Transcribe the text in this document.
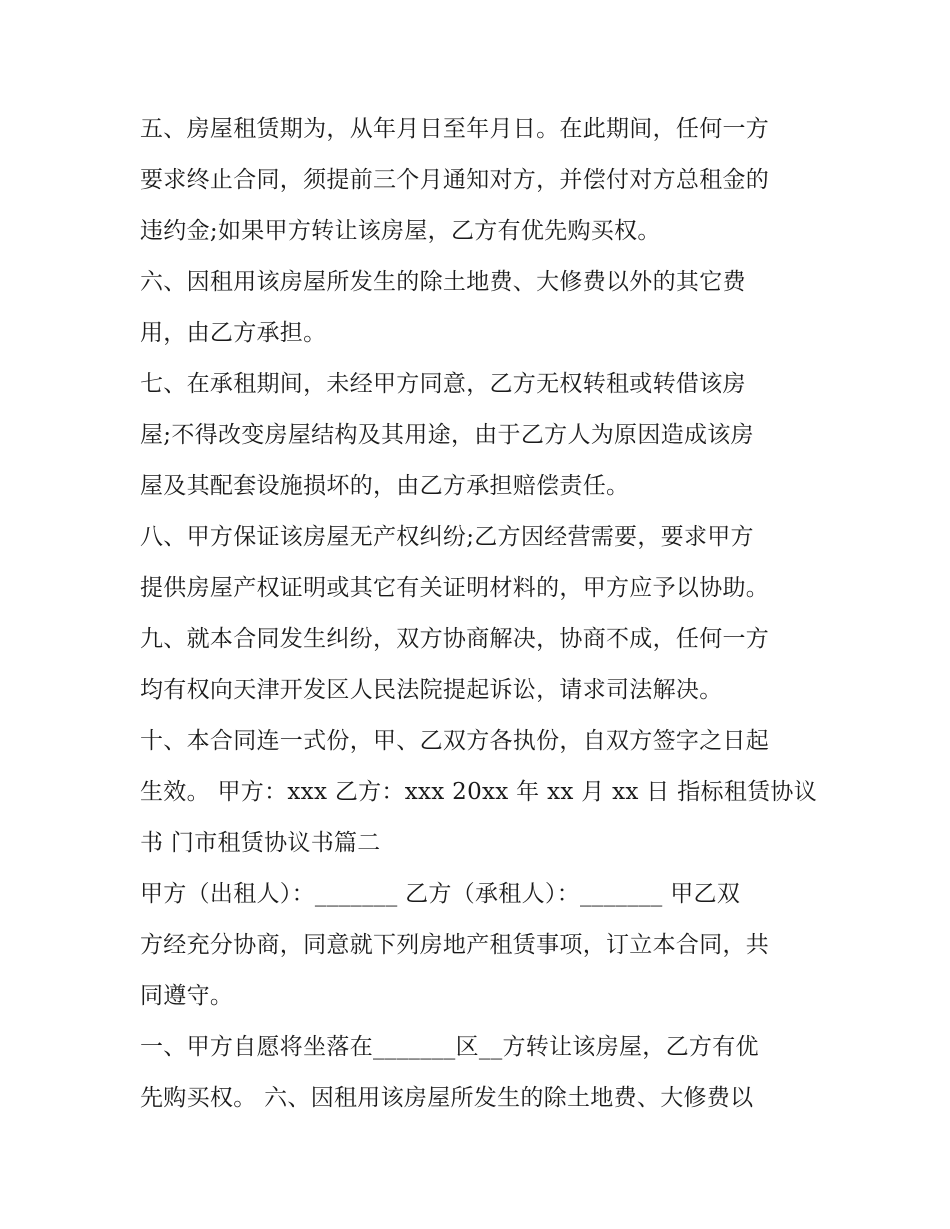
五、房屋租赁期为，从年月日至年月日。在此期间，任何一方
要求终止合同，须提前三个月通知对方，并偿付对方总租金的
违约金;如果甲方转让该房屋，乙方有优先购买权。
六、因租用该房屋所发生的除土地费、大修费以外的其它费
用，由乙方承担。
七、在承租期间，未经甲方同意，乙方无权转租或转借该房
屋;不得改变房屋结构及其用途，由于乙方人为原因造成该房
屋及其配套设施损坏的，由乙方承担赔偿责任。
八、甲方保证该房屋无产权纠纷;乙方因经营需要，要求甲方
提供房屋产权证明或其它有关证明材料的，甲方应予以协助。
九、就本合同发生纠纷，双方协商解决，协商不成，任何一方
均有权向天津开发区人民法院提起诉讼，请求司法解决。
十、本合同连一式份，甲、乙双方各执份，自双方签字之日起
生效。 甲方：xxx 乙方：xxx 20xx 年 xx 月 xx 日 指标租赁协议
书 门市租赁协议书篇二
甲方（出租人）：_______ 乙方（承租人）：_______ 甲乙双
方经充分协商，同意就下列房地产租赁事项，订立本合同，共
同遵守。
一、甲方自愿将坐落在_______区__方转让该房屋，乙方有优
先购买权。 六、因租用该房屋所发生的除土地费、大修费以
